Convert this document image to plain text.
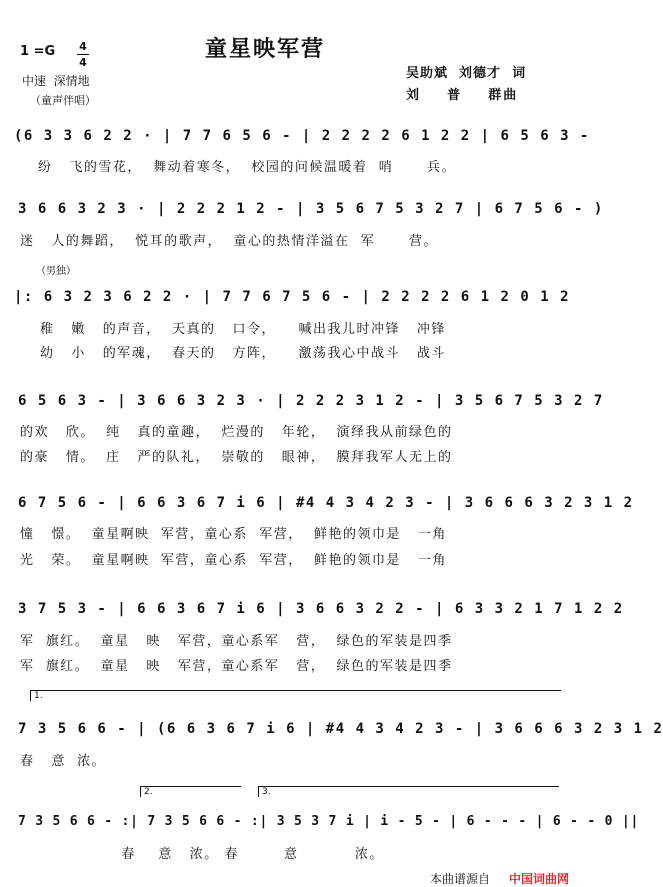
1 =G 4
4
中速  深情地
（童声伴唱）
童星映军营
吴助斌  刘德才  词
刘    普    群曲
(6 3 3 6 2 2 · | 7 7 6 5 6 - | 2 2 2 2 6 1 2 2 | 6 5 6 3 -
纷   飞的雪花，  舞动着寒冬，  校园的问候温暖着  哨      兵。
3 6 6 3 2 3 · | 2 2 2 1 2 - | 3 5 6 7 5 3 2 7 | 6 7 5 6 - )
迷   人的舞蹈，  悦耳的歌声，  童心的热情洋溢在  军      营。
（男独）
|: 6 3 2 3 6 2 2 · | 7 7 6 7 5 6 - | 2 2 2 2 6 1 2 0 1 2
稚   嫩   的声音，  天真的   口令，    喊出我儿时冲锋   冲锋
幼   小   的军魂，  春天的   方阵，    激荡我心中战斗   战斗
6 5 6 3 - | 3 6 6 3 2 3 · | 2 2 2 3 1 2 - | 3 5 6 7 5 3 2 7
的欢   欣。  纯   真的童趣，  烂漫的   年轮，  演绎我从前绿色的
的豪   情。  庄   严的队礼，  崇敬的   眼神，  膜拜我军人无上的
6 7 5 6 - | 6 6 3 6 7 i 6 | #4 4 3 4 2 3 - | 3 6 6 6 3 2 3 1 2
憧   憬。  童星啊映  军营，童心系  军营，  鲜艳的领巾是   一角
光   荣。  童星啊映  军营，童心系  军营，  鲜艳的领巾是   一角
3 7 5 3 - | 6 6 3 6 7 i 6 | 3 6 6 3 2 2 - | 6 3 3 2 1 7 1 2 2
军  旗红。  童星   映   军营，童心系军   营，  绿色的军装是四季
军  旗红。  童星   映   军营，童心系军   营，  绿色的军装是四季
1.
7 3 5 6 6 - | (6 6 3 6 7 i 6 | #4 4 3 4 2 3 - | 3 6 6 6 3 2 3 1 2
春   意  浓。
2.	3.
7 3 5 6 6 - :| 7 3 5 6 6 - :| 3 5 3 7 i | i - 5 - | 6 - - - | 6 - - 0 ||
春    意   浓。 春        意          浓。
本曲谱源自 中国词曲网
